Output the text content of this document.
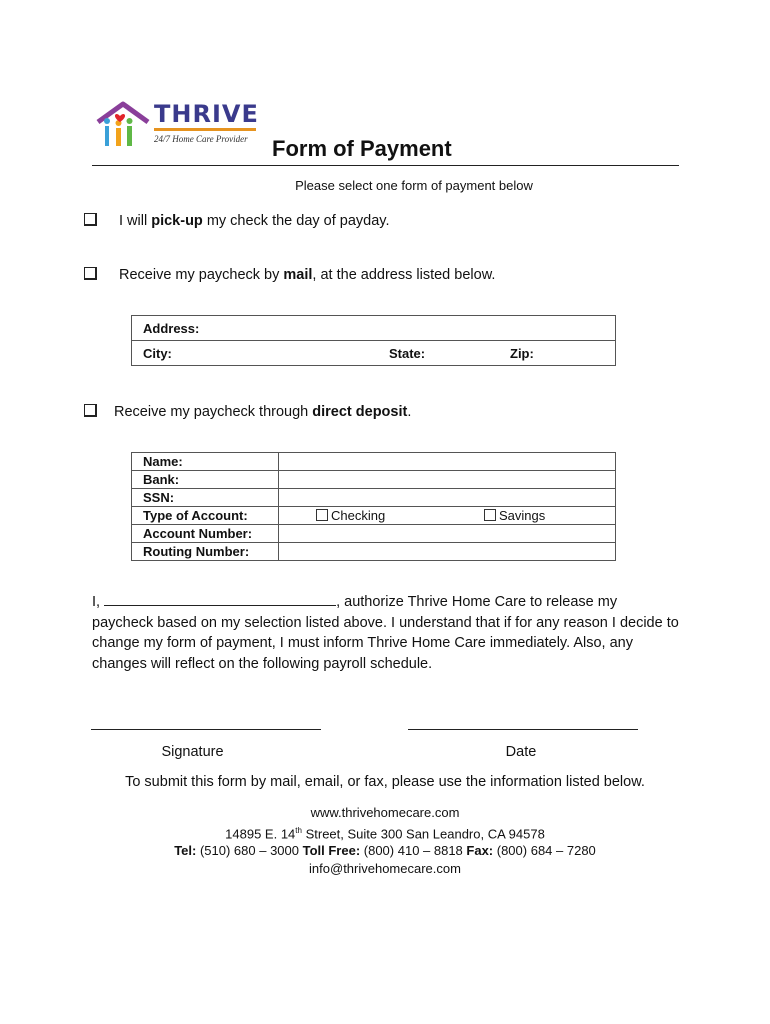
THRIVE
24/7 Home Care Provider Form of Payment
Please select one form of payment below
I will pick-up my check the day of payday.
Receive my paycheck by mail, at the address listed below.
Address:
City:	State:	Zip:
Receive my paycheck through direct deposit.
Name:	
Bank:	
SSN:	
Type of Account:	Checking Savings
Account Number:	
Routing Number:	
I,	, authorize Thrive Home Care to release my paycheck based on my selection listed above. I understand that if for any reason I decide to change my form of payment, I must inform Thrive Home Care immediately. Also, any changes will reflect on the following payroll schedule.
Signature	Date
To submit this form by mail, email, or fax, please use the information listed below.
www.thrivehomecare.com
14895 E. 14th Street, Suite 300 San Leandro, CA 94578
Tel: (510) 680 – 3000 Toll Free: (800) 410 – 8818 Fax: (800) 684 – 7280
info@thrivehomecare.com
